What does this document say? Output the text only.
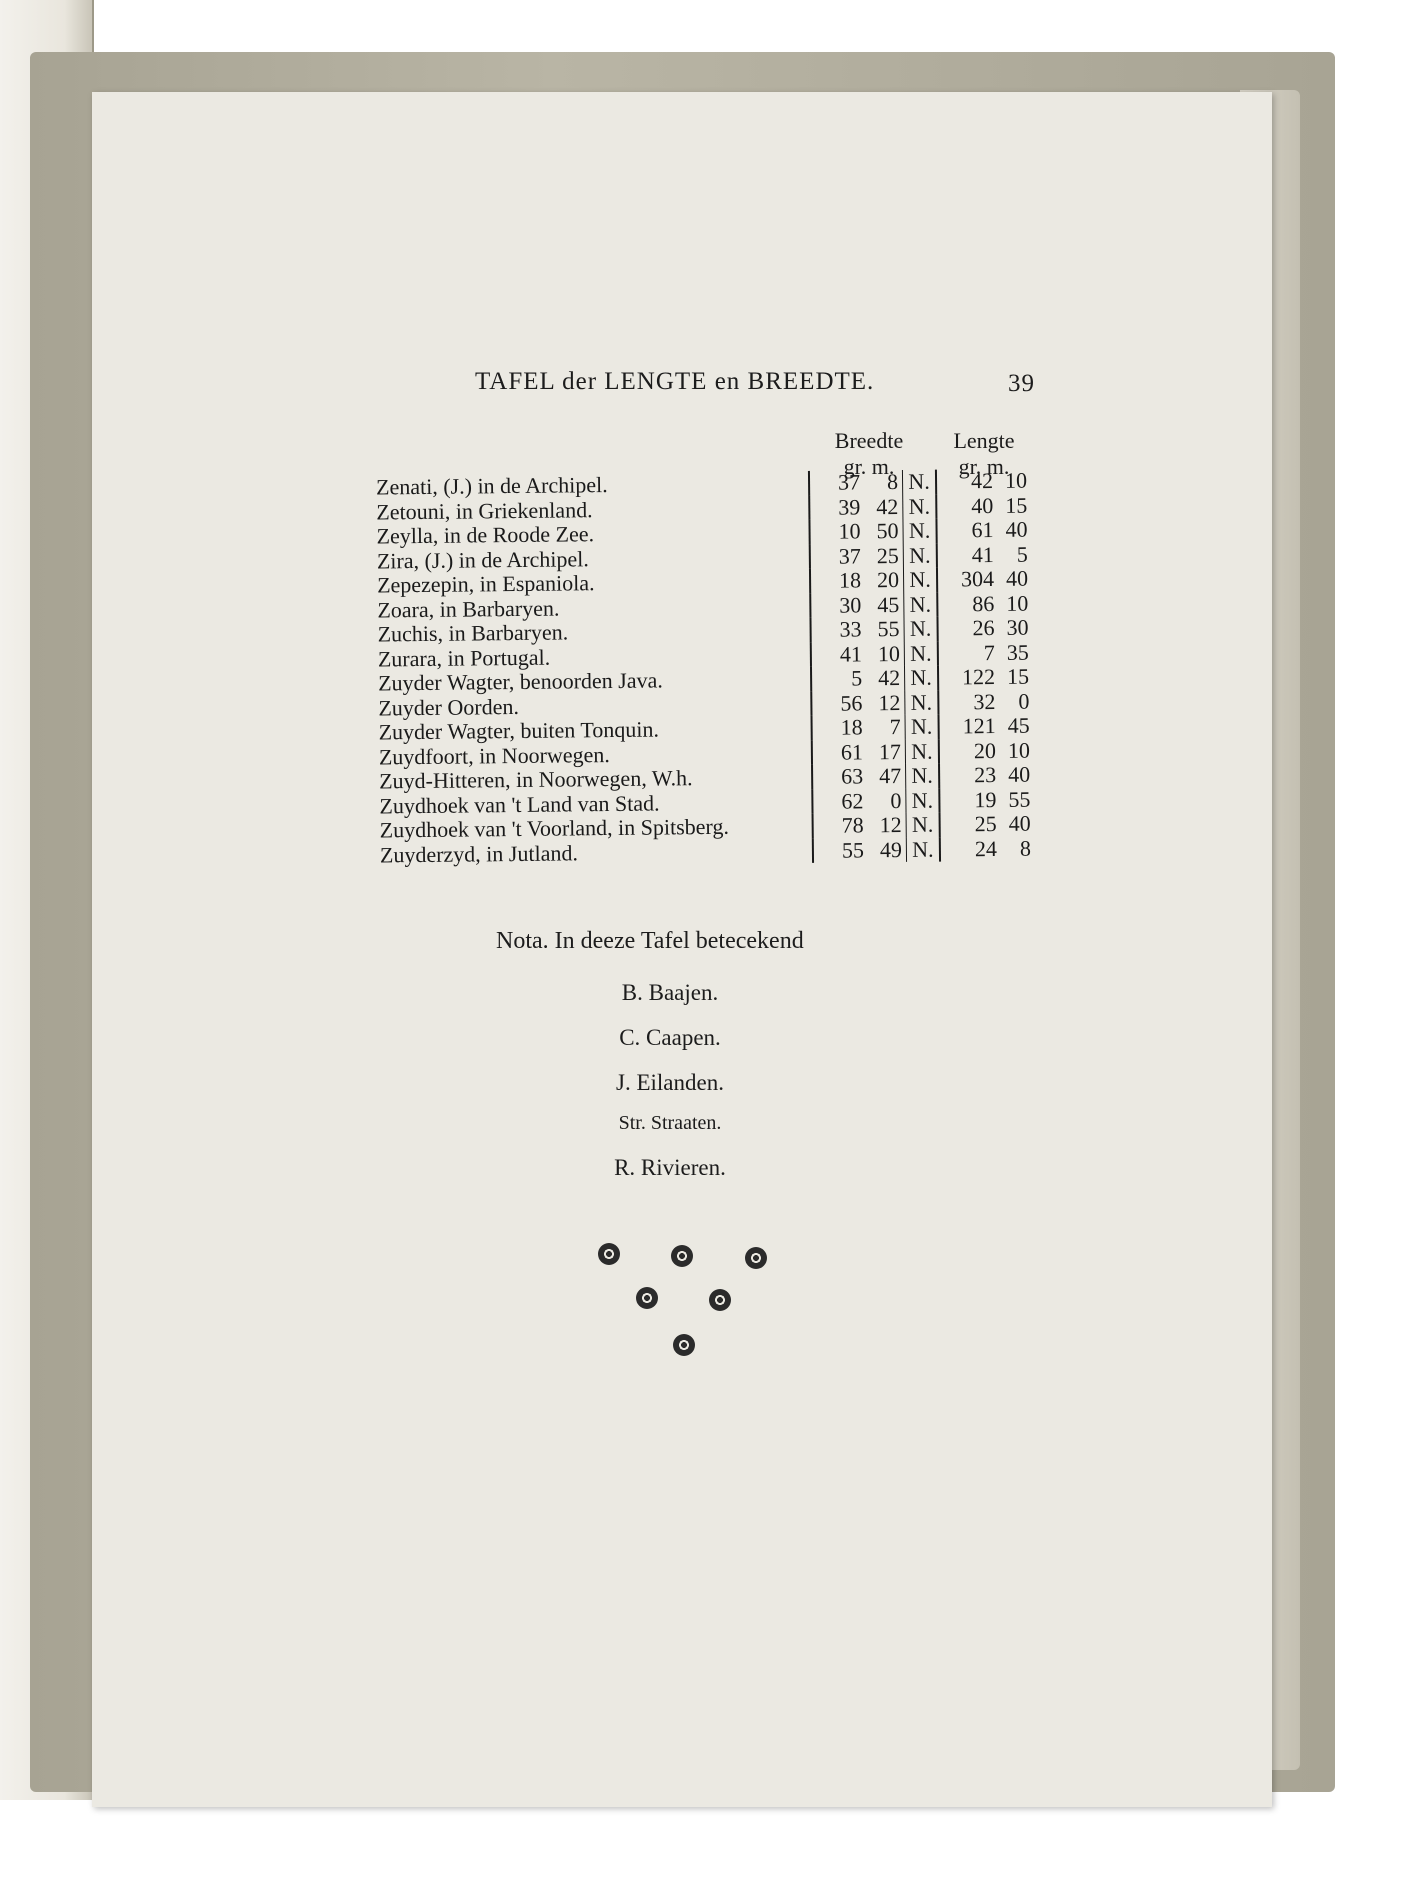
TAFEL der LENGTE en BREEDTE.	39
Breedte	Lengte
gr. m.	gr. m.
Zenati, (J.) in de Archipel.	37 8 N.	42 10
Zetouni, in Griekenland.	39 42 N.	40 15
Zeylla, in de Roode Zee.	10 50 N.	61 40
Zira, (J.) in de Archipel.	37 25 N.	41 5
Zepezepin, in Espaniola.	18 20 N.	304 40
Zoara, in Barbaryen.	30 45 N.	86 10
Zuchis, in Barbaryen.	33 55 N.	26 30
Zurara, in Portugal.	41 10 N.	7 35
Zuyder Wagter, benoorden Java.	5 42 N.	122 15
Zuyder Oorden.	56 12 N.	32 0
Zuyder Wagter, buiten Tonquin.	18 7 N.	121 45
Zuydfoort, in Noorwegen.	61 17 N.	20 10
Zuyd-Hitteren, in Noorwegen, W.h.	63 47 N.	23 40
Zuydhoek van 't Land van Stad.	62 0 N.	19 55
Zuydhoek van 't Voorland, in Spitsberg.	78 12 N.	25 40
Zuyderzyd, in Jutland.	55 49 N.	24 8
Nota. In deeze Tafel betecekend
B. Baajen.
C. Caapen.
J. Eilanden.
Str. Straaten.
R. Rivieren.
